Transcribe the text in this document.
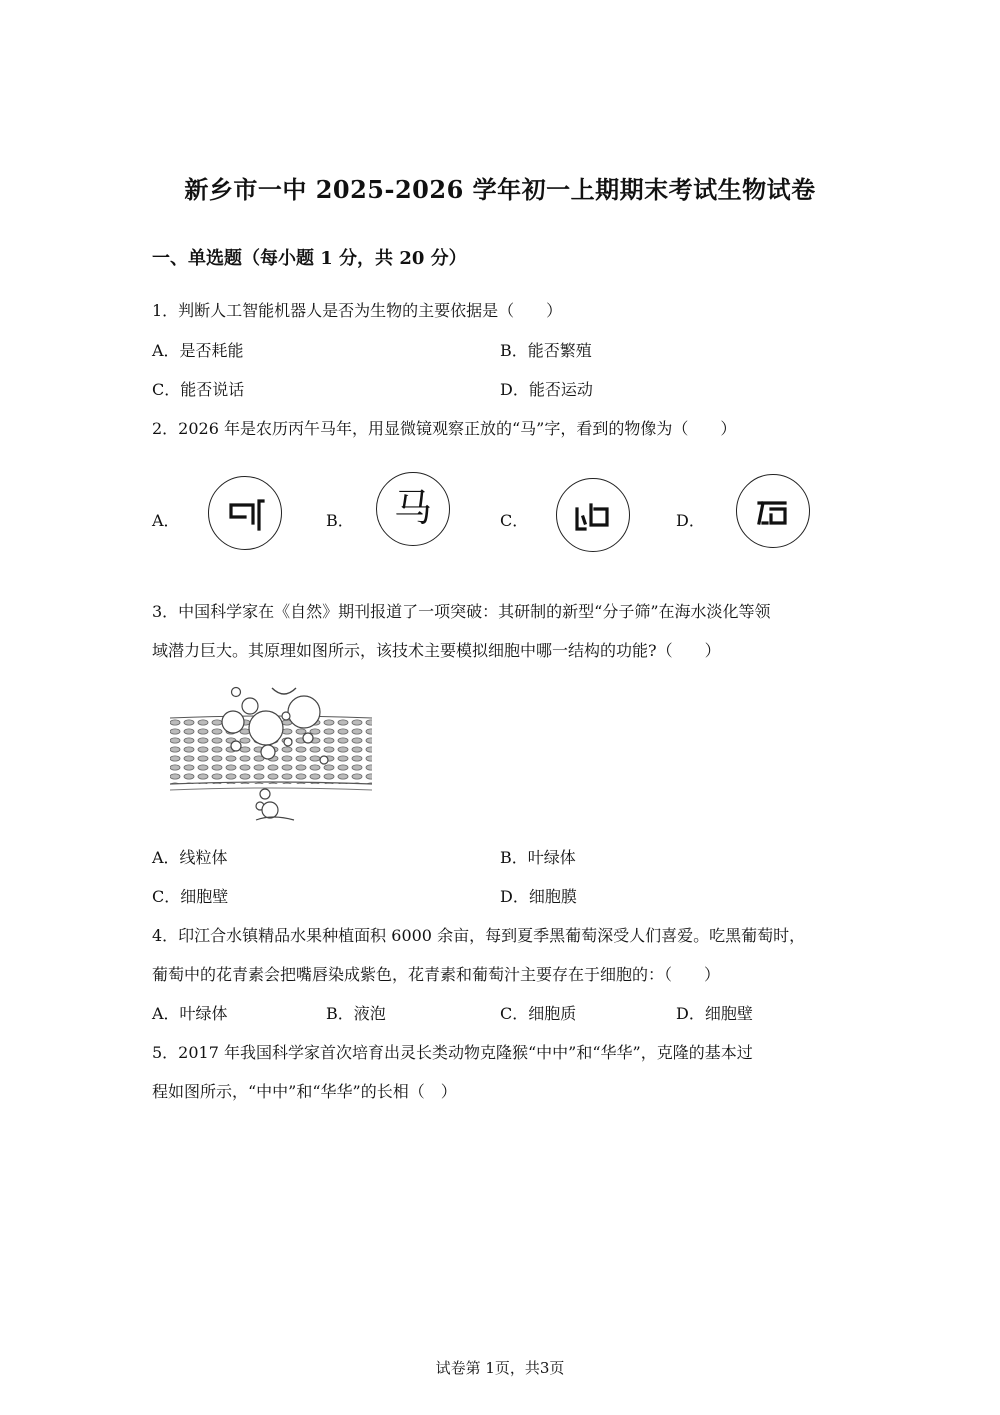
新乡市一中 2025-2026 学年初一上期期末考试生物试卷
一、单选题（每小题 1 分，共 20 分）
1．判断人工智能机器人是否为生物的主要依据是（　　）
A．是否耗能	B．能否繁殖
C．能否说话	D．能否运动
2．2026 年是农历丙午马年，用显微镜观察正放的“马”字，看到的物像为（　　）
A．	B． 马	C．	D．
3．中国科学家在《自然》期刊报道了一项突破：其研制的新型“分子筛”在海水淡化等领
域潜力巨大。其原理如图所示，该技术主要模拟细胞中哪一结构的功能?（　　）
A．线粒体	B．叶绿体
C．细胞壁	D．细胞膜
4．印江合水镇精品水果种植面积 6000 余亩，每到夏季黑葡萄深受人们喜爱。吃黑葡萄时，
葡萄中的花青素会把嘴唇染成紫色，花青素和葡萄汁主要存在于细胞的：（　　）
A．叶绿体	B．液泡	C．细胞质	D．细胞壁
5．2017 年我国科学家首次培育出灵长类动物克隆猴“中中”和“华华”，克隆的基本过
程如图所示，“中中”和“华华”的长相（　）
试卷第 1页，共3页
